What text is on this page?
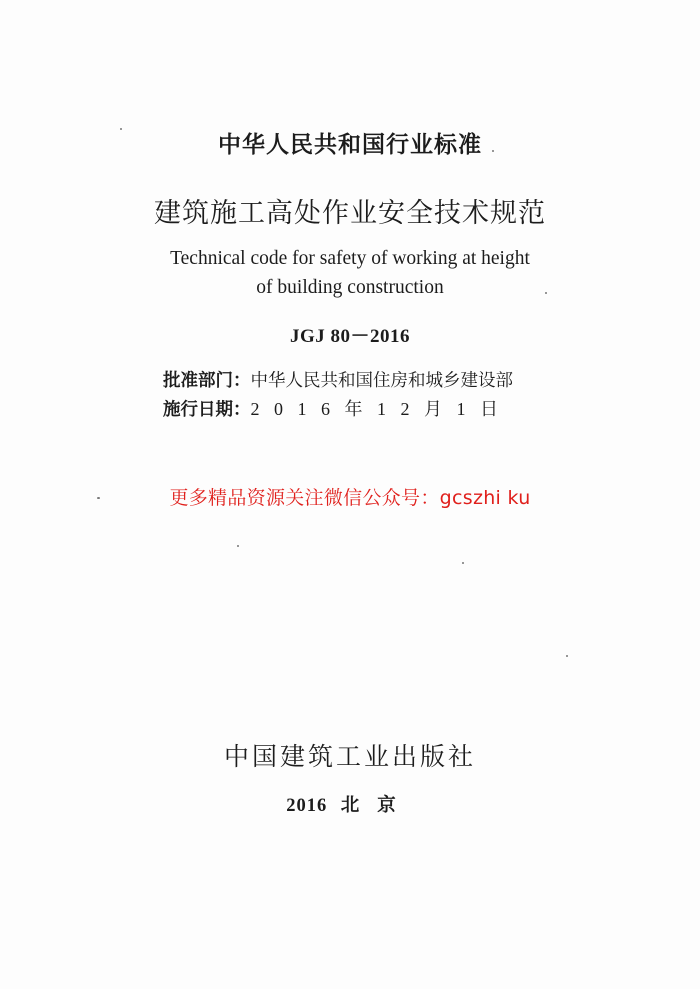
中华人民共和国行业标准
建筑施工高处作业安全技术规范
Technical code for safety of working at height
of building construction
JGJ 80－2016
批准部门：中华人民共和国住房和城乡建设部
施行日期：2016年12月1日
更多精品资源关注微信公众号：gcszhi ku
中国建筑工业出版社
2016 北京
